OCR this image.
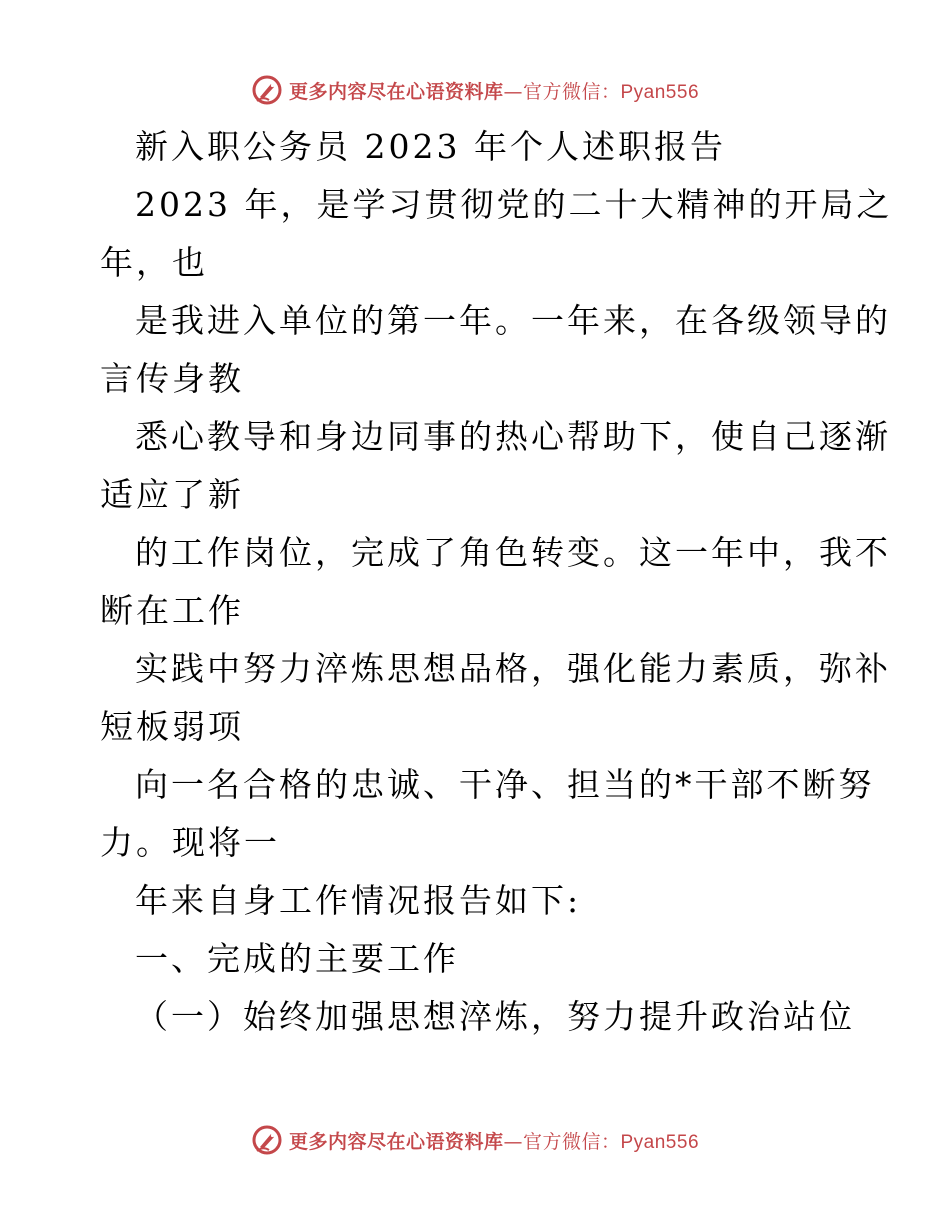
更多内容尽在心语资料库—官方微信：Pyan556
新入职公务员 2023 年个人述职报告
2023 年，是学习贯彻党的二十大精神的开局之
年，也
是我进入单位的第一年。一年来，在各级领导的
言传身教
悉心教导和身边同事的热心帮助下，使自己逐渐
适应了新
的工作岗位，完成了角色转变。这一年中，我不
断在工作
实践中努力淬炼思想品格，强化能力素质，弥补
短板弱项
向一名合格的忠诚、干净、担当的*干部不断努
力。现将一
年来自身工作情况报告如下:
一、完成的主要工作
（一）始终加强思想淬炼，努力提升政治站位
更多内容尽在心语资料库—官方微信：Pyan556
